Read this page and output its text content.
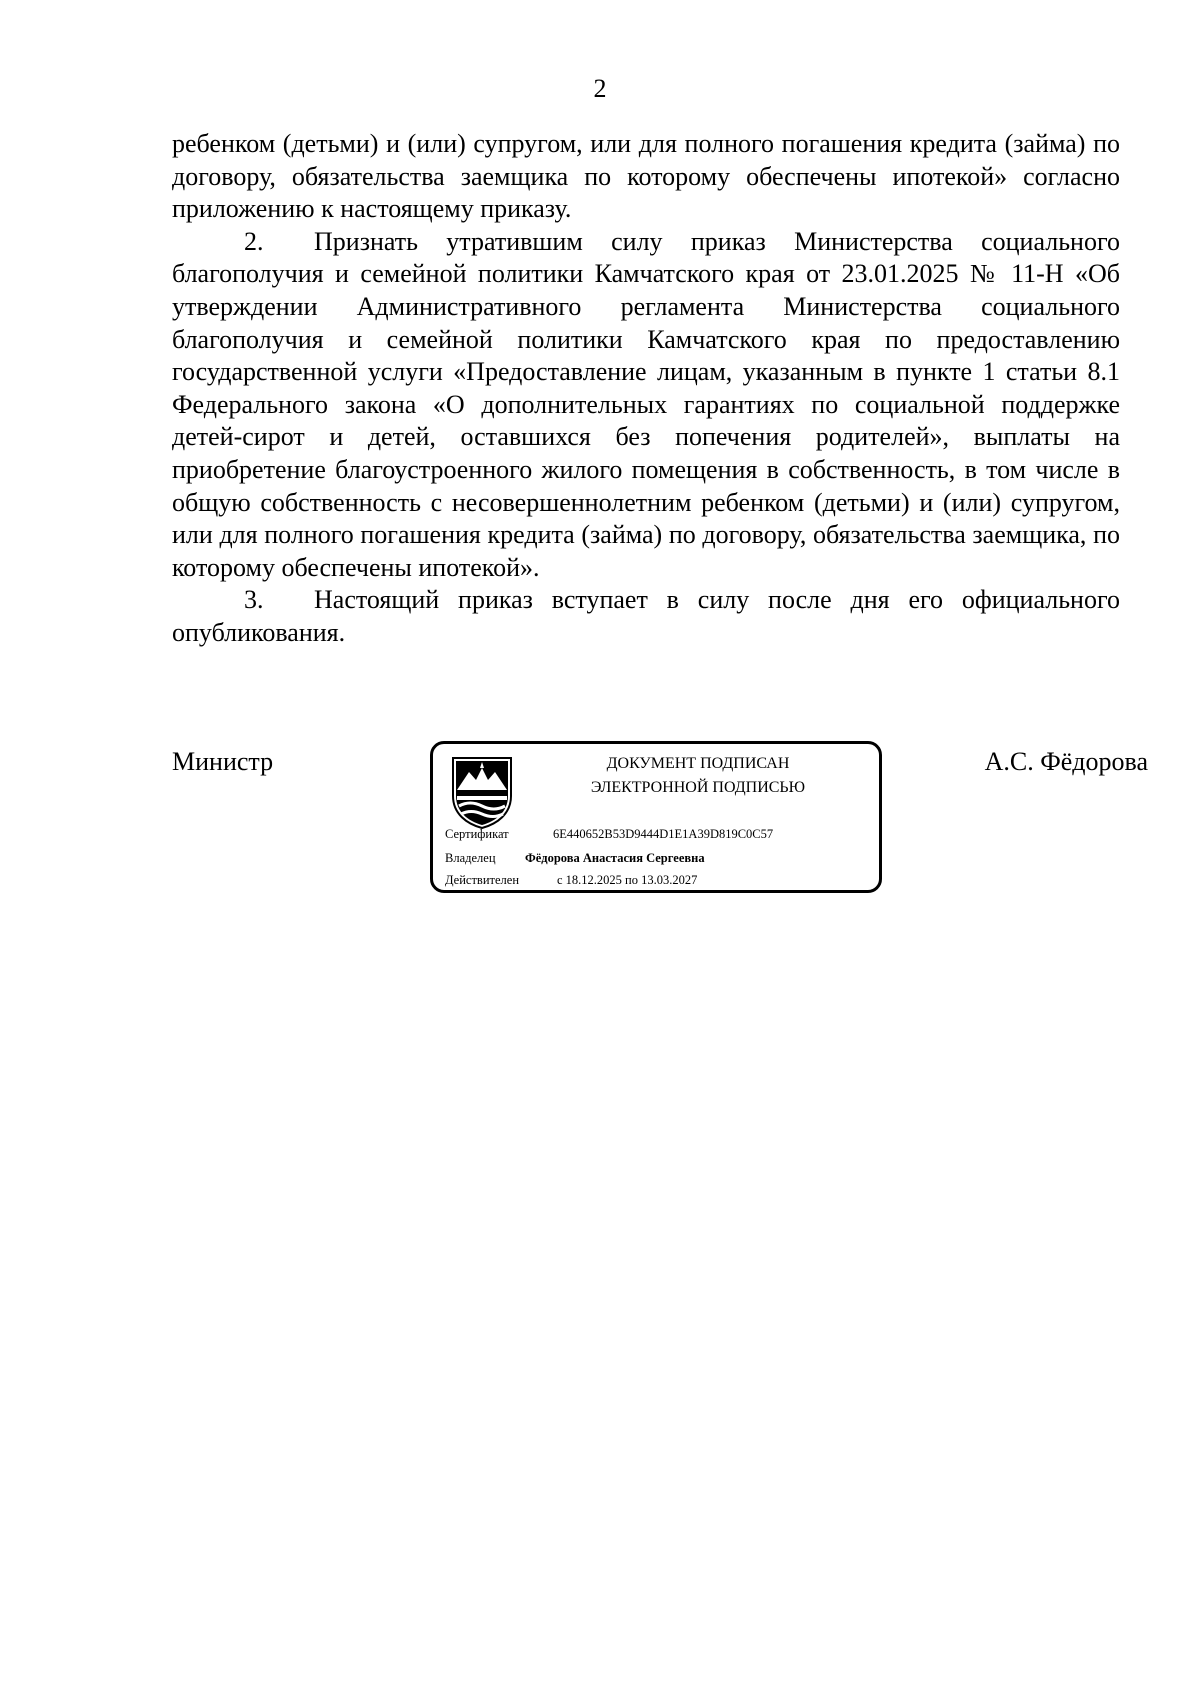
2

ребенком (детьми) и (или) супругом, или для полного погашения кредита (займа) по договору, обязательства заемщика по которому обеспечены ипотекой» согласно приложению к настоящему приказу.

2. Признать утратившим силу приказ Министерства социального благополучия и семейной политики Камчатского края от 23.01.2025 № 11-Н «Об утверждении Административного регламента Министерства социального благополучия и семейной политики Камчатского края по предоставлению государственной услуги «Предоставление лицам, указанным в пункте 1 статьи 8.1 Федерального закона «О дополнительных гарантиях по социальной поддержке детей-сирот и детей, оставшихся без попечения родителей», выплаты на приобретение благоустроенного жилого помещения в собственность, в том числе в общую собственность с несовершеннолетним ребенком (детьми) и (или) супругом, или для полного погашения кредита (займа) по договору, обязательства заемщика, по которому обеспечены ипотекой».

3. Настоящий приказ вступает в силу после дня его официального опубликования.

Министр	ДОКУМЕНТ ПОДПИСАН
ЭЛЕКТРОННОЙ ПОДПИСЬЮ
Сертификат	6E440652B53D9444D1E1A39D819C0C57
Владелец Фёдорова Анастасия Сергеевна
Действителен	с 18.12.2025 по 13.03.2027
А.С. Фёдорова
